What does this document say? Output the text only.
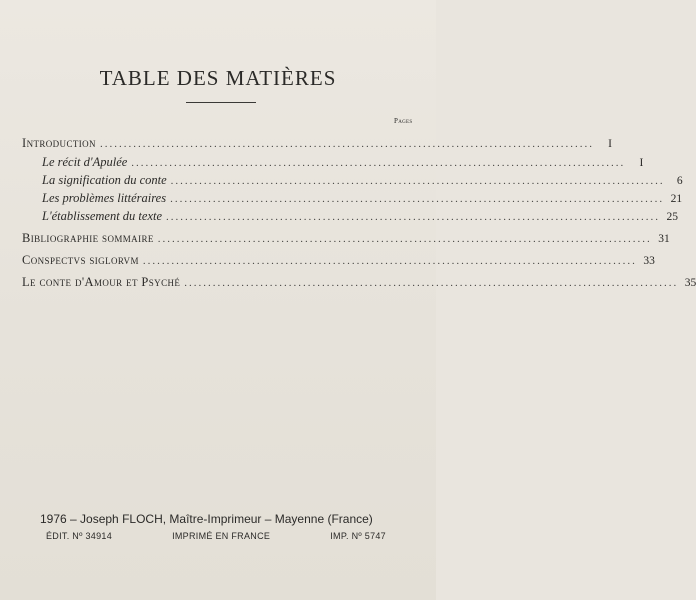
TABLE DES MATIÈRES
Pages
Introduction ........................................................................................................	I
Le récit d'Apulée ........................................................................................................	I
La signification du conte ........................................................................................................	6
Les problèmes littéraires ........................................................................................................ 21
L'établissement du texte ........................................................................................................ 25
Bibliographie sommaire ........................................................................................................ 31
Conspectvs siglorvm ........................................................................................................ 33
Le conte d'Amour et Psyché ........................................................................................................ 35
1976 – Joseph FLOCH, Maître-Imprimeur – Mayenne (France)
ÉDIT. Nº 34914	IMPRIMÉ EN FRANCE	IMP. Nº 5747
